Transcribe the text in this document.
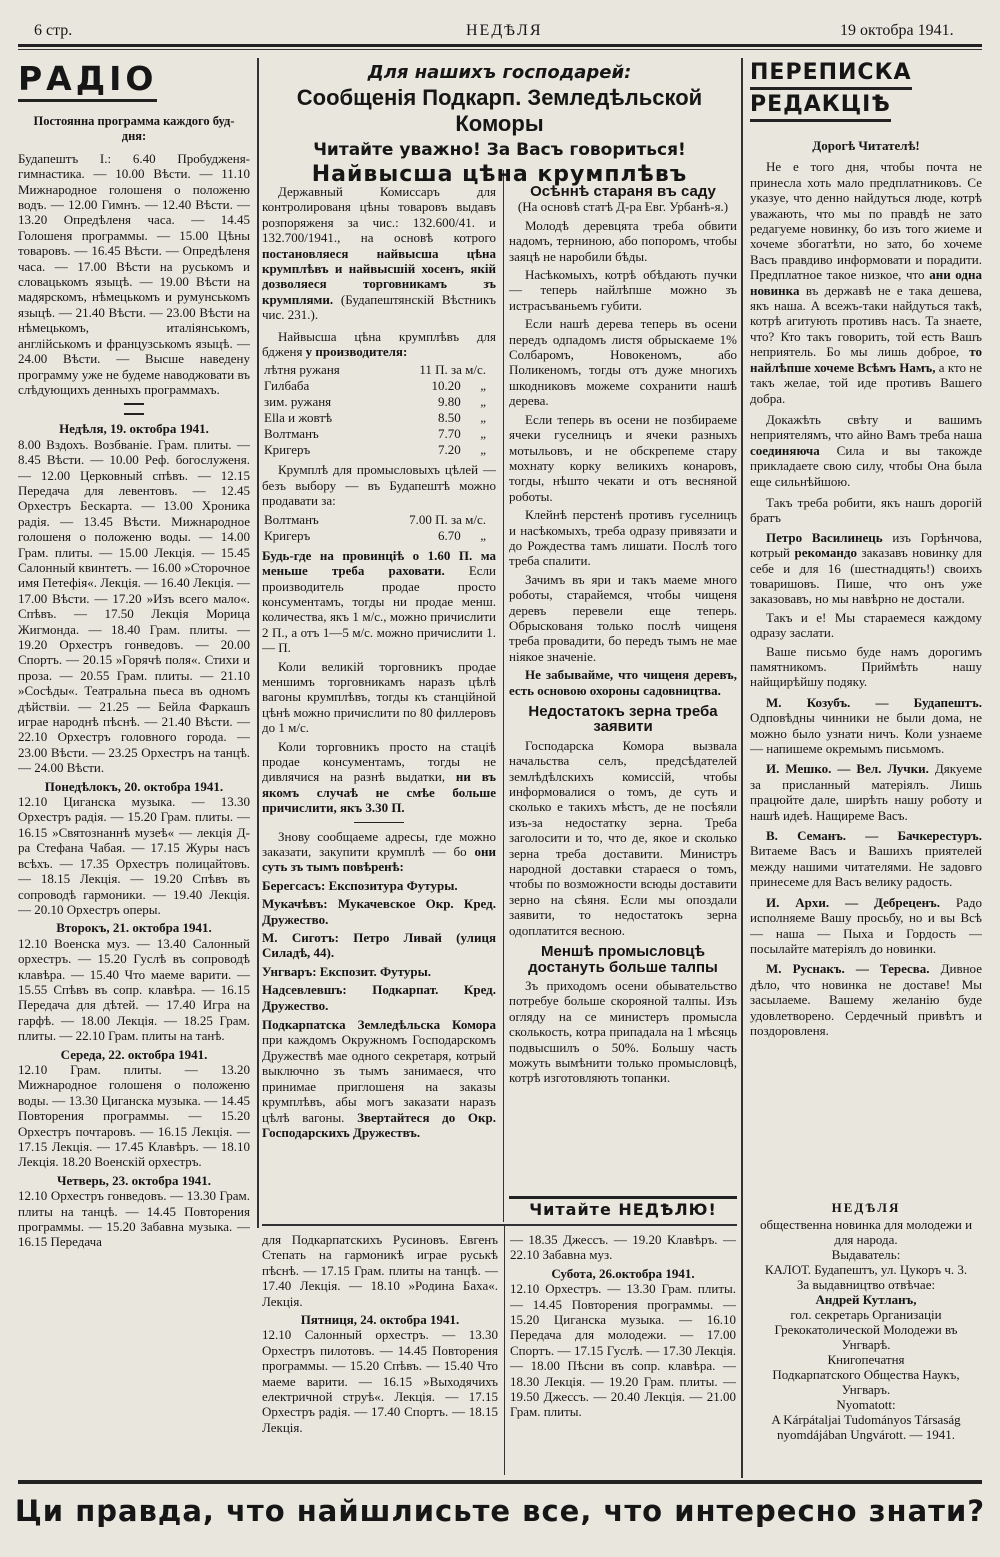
6 стр.	НЕДѢЛЯ	19 октобра 1941.
РАДIО
Постоянна программа каждого буд-дня:

Будапештъ I.: 6.40 Пробудженя-гимнастика. — 10.00 Вѣсти. — 11.10 Мижнародное голошеня о положеню водъ. — 12.00 Гимнъ. — 12.40 Вѣсти. — 13.20 Опредѣленя часа. — 14.45 Голошеня программы. — 15.00 Цѣны товаровъ. — 16.45 Вѣсти. — Опредѣленя часа. — 17.00 Вѣсти на руськомъ и словацькомъ языцѣ. — 19.00 Вѣсти на мадярскомъ, нѣмецькомъ и румунськомъ языцѣ. — 21.40 Вѣсти. — 23.00 Вѣсти на нѣмецькомъ, италiянськомъ, англiйськомъ и французськомъ языцѣ. — 24.00 Вѣсти. — Высше наведену программу уже не будеме наводжовати въ слѣдующихъ денныхъ программахъ.

Недѣля, 19. октобра 1941.

8.00 Вздохъ. Возбванiе. Грам. плиты. — 8.45 Вѣсти. — 10.00 Реф. богослуженя. — 12.00 Церковный спѣвъ. — 12.15 Передача для левентовъ. — 12.45 Орхестръ Бескарта. — 13.00 Хроника радiя. — 13.45 Вѣсти. Мижнародное голошеня о положеню воды. — 14.00 Грам. плиты. — 15.00 Лекцiя. — 15.45 Салонный квинтетъ. — 16.00 »Сторочное имя Петефiя«. Лекцiя. — 16.40 Лекцiя. — 17.00 Вѣсти. — 17.20 »Изъ всего мало«. Спѣвъ. — 17.50 Лекцiя Морица Жигмонда. — 18.40 Грам. плиты. — 19.20 Орхестръ гонведовъ. — 20.00 Спортъ. — 20.15 »Горячѣ поля«. Стихи и проза. — 20.55 Грам. плиты. — 21.10 »Сосѣды«. Театральна пьеса въ одномъ дѣйствiи. — 21.25 — Бейла Фаркашъ играе народнѣ пѣснѣ. — 21.40 Вѣсти. — 22.10 Орхестръ головного города. — 23.00 Вѣсти. — 23.25 Орхестръ на танцѣ. — 24.00 Вѣсти.

Понедѣлокъ, 20. октобра 1941.

12.10 Циганска музыка. — 13.30 Орхестръ радiя. — 15.20 Грам. плиты. — 16.15 »Святознаннѣ музеѣ« — лекцiя Д-ра Стефана Чабая. — 17.15 Журы насъ всѣхъ. — 17.35 Орхестръ полицайтовъ. — 18.15 Лекцiя. — 19.20 Спѣвъ въ сопроводѣ гармоники. — 19.40 Лекцiя. — 20.10 Орхестръ оперы.

Второкъ, 21. октобра 1941.

12.10 Военска муз. — 13.40 Салонный орхестръ. — 15.20 Гуслѣ въ сопроводѣ клавѣра. — 15.40 Что маеме варити. — 15.55 Спѣвъ въ сопр. клавѣра. — 16.15 Передача для дѣтей. — 17.40 Игра на гарфѣ. — 18.00 Лекцiя. — 18.25 Грам. плиты. — 22.10 Грам. плиты на танѣ.

Середа, 22. октобра 1941.

12.10 Грам. плиты. — 13.20 Мижнародное голошеня о положеню воды. — 13.30 Циганска музыка. — 14.45 Повторения программы. — 15.20 Орхестръ почтаровъ. — 16.15 Лекцiя. — 17.15 Лекцiя. — 17.45 Клавѣръ. — 18.10 Лекцiя. 18.20 Военскiй орхестръ.

Четверь, 23. октобра 1941.

12.10 Орхестръ гонведовъ. — 13.30 Грам. плиты на танцѣ. — 14.45 Повторения программы. — 15.20 Забавна музыка. — 16.15 Передача

Для нашихъ господарей:
Сообщенiя Подкарп. Земледѣльской Коморы
Читайте уважно! За Васъ говориться!
Найвысша цѣна крумплѣвъ

Державный Комисcаръ для контролированя цѣны товаровъ выдавъ розпоряженя за чис.: 132.600/41. и 132.700/1941., на основѣ котрого постановляеся найвысша цѣна крумплѣвъ и найвысшiй хосенъ, якiй дозволяеся торговникамъ зъ крумплями. (Будапештянскiй Вѣстникъ чис. 231.).

Найвысша цѣна крумплѣвъ для бдженя у производителя:

лѣтня ружаня	11 П. за м/с.
Гилбаба	10.20 „
зим. ружаня	9.80 „
Ella и жовтѣ	8.50 „
Волтманъ	7.70 „
Кригеръ	7.20 „

Крумплѣ для промысловыхъ цѣлей — безъ выбору — въ Будапештѣ можно продавати за:

Волтманъ	7.00 П. за м/с.
Кригеръ	6.70 „

Будь-где на провинцiѣ о 1.60 П. ма меньше треба раховати. Если производитель продае просто консументамъ, тогды ни продае менш. количества, якъ 1 м/с., можно причислити 2 П., а отъ 1—5 м/с. можно причислити 1.— П.

Коли великiй торговникъ продае меншимъ торговникамъ наразъ цѣлѣ вагоны крумплѣвъ, тогды къ станцiйной цѣнѣ можно причислити по 80 филлеровъ до 1 м/с.

Коли торговникъ просто на стацiѣ продае консументамъ, тогды не дивлячися на разнѣ выдатки, ни въ якомъ случаѣ не смѣе больше причислити, якъ 3.30 П.

Знову сообщаеме адресы, где можно заказати, закупити крумплѣ — бо они суть зъ тымъ повѣренѣ:

Берегсасъ: Експозитура Футуры.

Мукачѣвъ: Мукачевское Окр. Кред. Дружество.

М. Сиготъ: Петро Ливай (улиця Силадѣ, 44).

Унгваръ: Експозит. Футуры.

Надсевлевшъ: Подкарпат. Кред. Дружество.

Подкарпатска Земледѣльска Комора при каждомъ Окружномъ Господарскомъ Дружествѣ мае одного секретаря, котрый выключно зъ тымъ занимаеся, что принимае приглошеня на заказы крумплѣвъ, абы могъ заказати наразъ цѣлѣ вагоны. Звертайтеся до Окр. Господарскихъ Дружествъ.

Осѣннѣ стараня въ саду
(На основѣ статѣ Д-ра Евг. Урбанѣ-я.)

Молодѣ деревцята треба обвити надомъ, терниною, або попоромъ, чтобы заяцѣ не наробили бѣды.

Насѣкомыхъ, котрѣ обѣдають пучки — теперь найлѣпше можно зъ истрасъваньемъ губити.

Если нашѣ дерева теперь въ осени передъ одпадомъ листя обрыскаеме 1% Солбаромъ, Новокеномъ, або Поликеномъ, тогды отъ дуже многихъ шкодниковъ можеме сохранити нашѣ дерева.

Если теперь въ осени не позбираеме ячеки гуселницъ и ячеки разныхъ мотыльовъ, и не обскрепеме стару мохнату корку великихъ конаровъ, тогды, нѣшто чекати и отъ весняной роботы.

Клейнѣ перстенѣ противъ гуселницъ и насѣкомыхъ, треба одразу привязати и до Рождества тамъ лишати. Послѣ того треба спалити.

Зачимъ въ яри и такъ маеме много роботы, старайемся, чтобы чищеня деревъ перевели еще теперь. Обрыскованя только послѣ чищеня треба провадити, бо передъ тымъ не мае нiякое значенiе.

Не забывайме, что чищеня деревъ, есть основою охороны садовництва.

Недостатокъ зерна треба заявити

Господарска Комора вызвала начальства селъ, предсѣдателей землѣдѣлскихъ комиссiй, чтобы информовалися о томъ, де суть и сколько е такихъ мѣстъ, де не посѣяли изъ-за недостатку зерна. Треба заголосити и то, что де, якое и сколько зерна треба доставити. Министръ народной доставки стараеся о томъ, чтобы по возможности всюды доставити зерно на сѣяня. Если мы опоздали заявити, то недостатокъ зерна одоплатится весною.

Меншѣ промысловцѣ достануть больше талпы

Зъ приходомъ осени обывательство потребуе больше скорояной талпы. Изъ огляду на се министеръ промысла сколькость, котра припадала на 1 мѣсяць подвысшилъ о 50%. Большу часть можуть вымѣнити только промысловцѣ, котрѣ изготовляють топанки.

Читайте НЕДѢЛЮ!

для Подкарпатскихъ Русиновъ. Евгенъ Степать на гармоникѣ играе руськѣ пѣснѣ. — 17.15 Грам. плиты на танцѣ. — 17.40 Лекцiя. — 18.10 »Родина Баха«. Лекцiя.

Пятниця, 24. октобра 1941.

12.10 Салонный орхестръ. — 13.30 Орхестръ пилотовъ. — 14.45 Повторения программы. — 15.20 Спѣвъ. — 15.40 Что маеме варити. — 16.15 »Выходячихъ електричной струѣ«. Лекцiя. — 17.15 Орхестръ радiя. — 17.40 Спортъ. — 18.15 Лекцiя.

— 18.35 Джессъ. — 19.20 Клавѣръ. — 22.10 Забавна муз.

Субота, 26.октобра 1941.

12.10 Орхестръ. — 13.30 Грам. плиты. — 14.45 Повторения программы. — 15.20 Циганска музыка. — 16.10 Передача для молодежи. — 17.00 Спортъ. — 17.15 Гуслѣ. — 17.30 Лекцiя. — 18.00 Пѣсни въ сопр. клавѣра. — 18.30 Лекцiя. — 19.20 Грам. плиты. — 19.50 Джессъ. — 20.40 Лекцiя. — 21.00 Грам. плиты.

ПЕРЕПИСКА
РЕДАКЦIѢ
Дорогѣ Читателѣ!

Не е того дня, чтобы почта не принесла хоть мало предплатниковъ. Се указуе, что денно найдуться люде, котрѣ уважають, что мы по правдѣ не зато редагуеме новинку, бо изъ того жиеме и хочеме збогатѣти, но зато, бо хочеме Васъ правдиво информовати и порадити. Предплатное такое низкое, что ани одна новинка въ державѣ не е така дешева, якъ наша. А всежъ-таки найдуться такѣ, котрѣ агитують противъ насъ. Та знаете, что? Кто такъ говорить, той есть Вашъ неприятель. Бо мы лишь доброе, то найлѣпше хочеме Всѣмъ Намъ, а кто не такъ желае, той иде противъ Вашего добра.

Докажѣть свѣту и вашимъ неприятелямъ, что айно Вамъ треба наша соединяюча Сила и вы такожде прикладаете свою силу, чтобы Она была еще сильнѣйшою.

Такъ треба робити, якъ нашъ дорогiй братъ

Петро Василинець изъ Горѣнчова, котрый рекомандо заказавъ новинку для себе и для 16 (шестнадцять!) своихъ товаришовъ. Пише, что онъ уже заказовавъ, но мы навѣрно не достали.

Такъ и е! Мы стараемеся каждому одразу заслати.

Ваше письмо буде намъ дорогимъ памятникомъ. Приймѣть нашу найщирѣйшу подяку.

М. Козубъ. — Будапештъ. Одповѣдны чинники не были дома, не можно было узнати ничъ. Коли узнаеме — напишеме окремымъ письмомъ.

И. Мешко. — Вел. Лучки. Дякуеме за присланный матерiялъ. Лишь працюйте дале, ширѣть нашу роботу и нашѣ идеѣ. Нащиреме Васъ.

В. Семанъ. — Бачкерестуръ. Витаеме Васъ и Вашихъ приятелей между нашими читателями. Не задовго принесеме для Васъ велику радость.

И. Архи. — Дебреценъ. Радо исполняеме Вашу просьбу, но и вы Всѣ — наша — Пыха и Гордость — посылайте матерiялъ до новинки.

М. Руснакъ. — Тересва. Дивное дѣло, что новинка не доставе! Мы засылаеме. Вашему желанiю буде удовлетворено. Сердечный привѣтъ и поздоровленя.

НЕДѢЛЯ
общественна новинка для молодежи и для народа.
Выдаватель:
КАЛОТ. Будапештъ, ул. Цукоръ ч. 3.
За выдавництво отвѣчае:
Андрей Кутланъ,
гол. секретарь Организацiи Грекокатолической Молодежи въ Унгварѣ.
Книгопечатня
Подкарпатского Общества Наукъ, Унгваръ.
Nyomatott:
A Kárpátaljai Tudományos Társaság nyomdájában Ungvárott. — 1941.
Ци правда, что найшлисьте все, что интересно знати?
